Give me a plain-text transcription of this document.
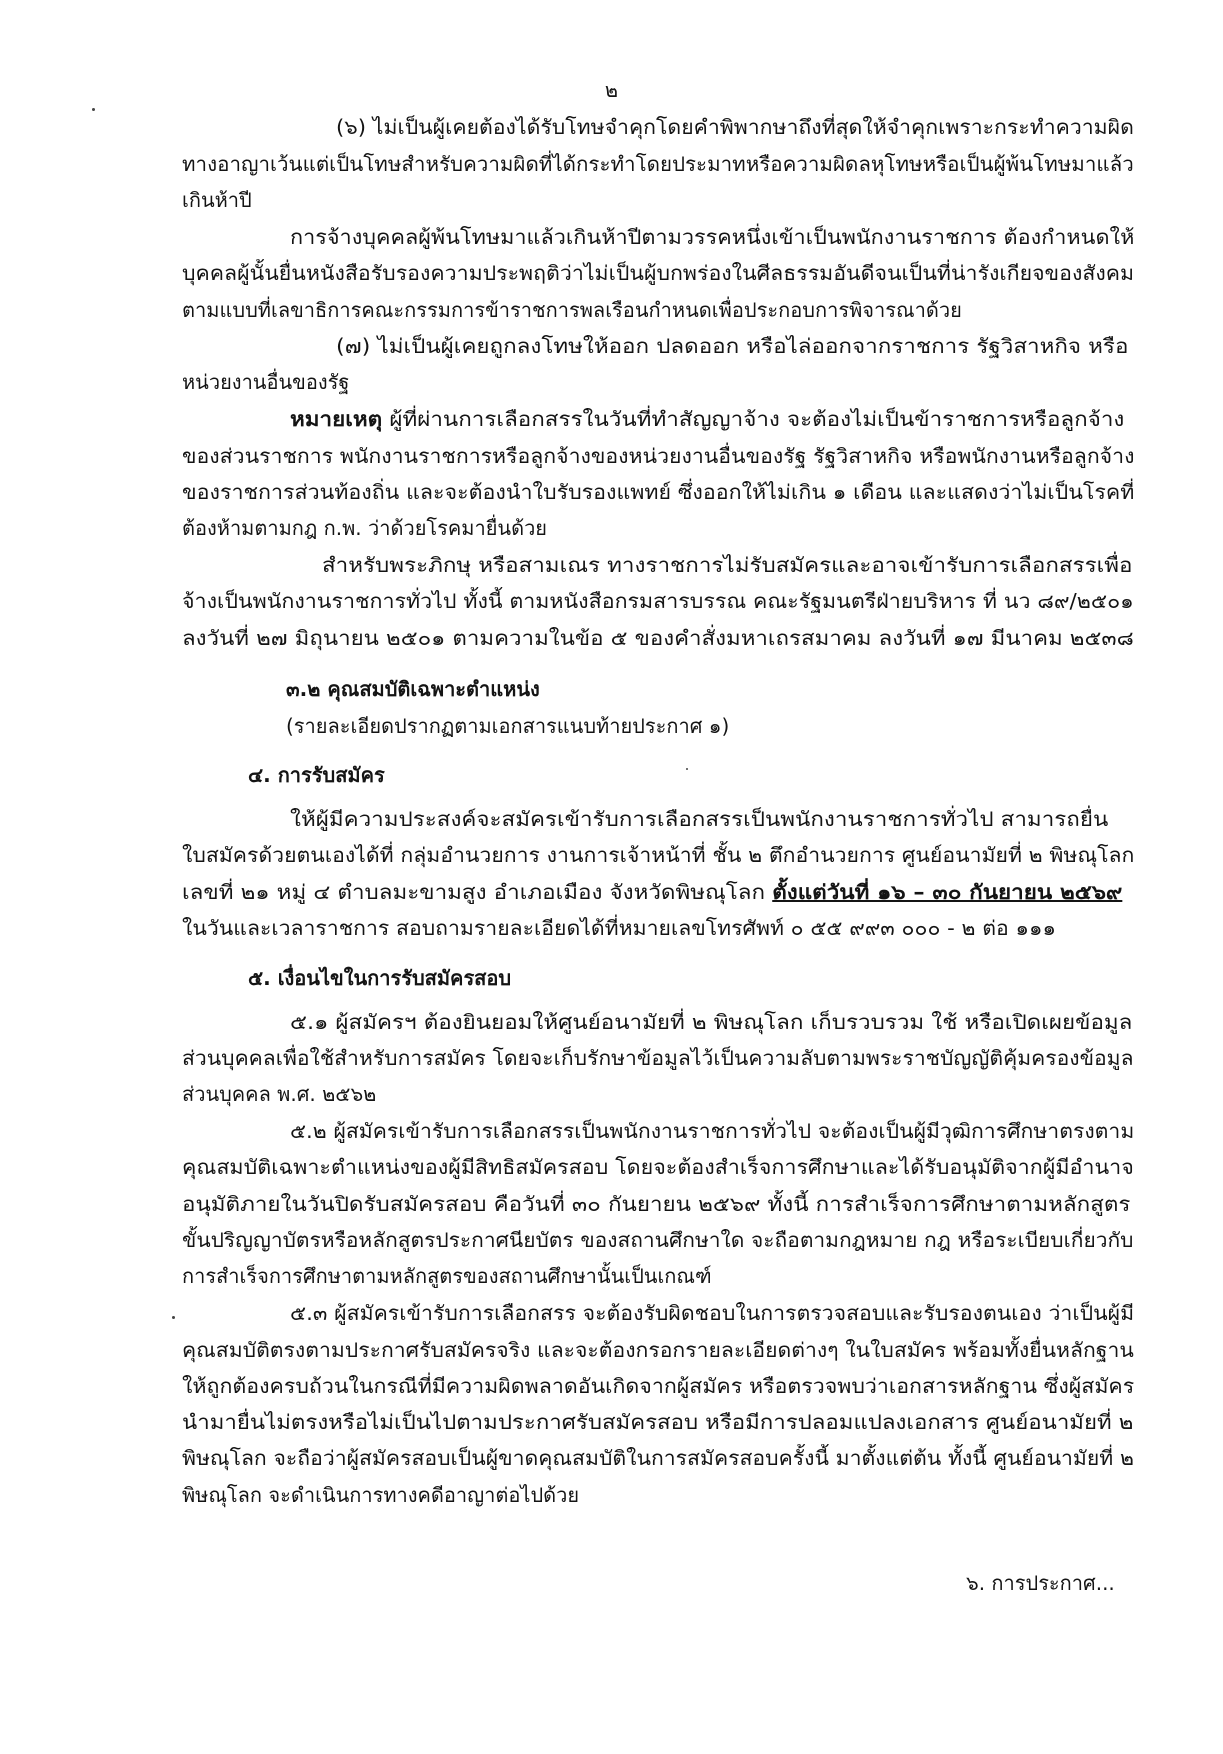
๒
(๖) ไม่เป็นผู้เคยต้องได้รับโทษจำคุกโดยคำพิพากษาถึงที่สุดให้จำคุกเพราะกระทำความผิด
ทางอาญาเว้นแต่เป็นโทษสำหรับความผิดที่ได้กระทำโดยประมาทหรือความผิดลหุโทษหรือเป็นผู้พ้นโทษมาแล้ว
เกินห้าปี
การจ้างบุคคลผู้พ้นโทษมาแล้วเกินห้าปีตามวรรคหนึ่งเข้าเป็นพนักงานราชการ ต้องกำหนดให้
บุคคลผู้นั้นยื่นหนังสือรับรองความประพฤติว่าไม่เป็นผู้บกพร่องในศีลธรรมอันดีจนเป็นที่น่ารังเกียจของสังคม
ตามแบบที่เลขาธิการคณะกรรมการข้าราชการพลเรือนกำหนดเพื่อประกอบการพิจารณาด้วย
(๗) ไม่เป็นผู้เคยถูกลงโทษให้ออก ปลดออก หรือไล่ออกจากราชการ รัฐวิสาหกิจ หรือ
หน่วยงานอื่นของรัฐ
หมายเหตุ ผู้ที่ผ่านการเลือกสรรในวันที่ทำสัญญาจ้าง จะต้องไม่เป็นข้าราชการหรือลูกจ้าง
ของส่วนราชการ พนักงานราชการหรือลูกจ้างของหน่วยงานอื่นของรัฐ รัฐวิสาหกิจ หรือพนักงานหรือลูกจ้าง
ของราชการส่วนท้องถิ่น และจะต้องนำใบรับรองแพทย์ ซึ่งออกให้ไม่เกิน ๑ เดือน และแสดงว่าไม่เป็นโรคที่
ต้องห้ามตามกฎ ก.พ. ว่าด้วยโรคมายื่นด้วย
สำหรับพระภิกษุ หรือสามเณร ทางราชการไม่รับสมัครและอาจเข้ารับการเลือกสรรเพื่อ
จ้างเป็นพนักงานราชการทั่วไป ทั้งนี้ ตามหนังสือกรมสารบรรณ คณะรัฐมนตรีฝ่ายบริหาร ที่ นว ๘๙/๒๕๐๑
ลงวันที่ ๒๗ มิถุนายน ๒๕๐๑ ตามความในข้อ ๕ ของคำสั่งมหาเถรสมาคม ลงวันที่ ๑๗ มีนาคม ๒๕๓๘
๓.๒ คุณสมบัติเฉพาะตำแหน่ง
(รายละเอียดปรากฏตามเอกสารแนบท้ายประกาศ ๑)
๔. การรับสมัคร
ให้ผู้มีความประสงค์จะสมัครเข้ารับการเลือกสรรเป็นพนักงานราชการทั่วไป สามารถยื่น
ใบสมัครด้วยตนเองได้ที่ กลุ่มอำนวยการ งานการเจ้าหน้าที่ ชั้น ๒ ตึกอำนวยการ ศูนย์อนามัยที่ ๒ พิษณุโลก
เลขที่ ๒๑ หมู่ ๔ ตำบลมะขามสูง อำเภอเมือง จังหวัดพิษณุโลก ตั้งแต่วันที่ ๑๖ – ๓๐ กันยายน ๒๕๖๙
ในวันและเวลาราชการ สอบถามรายละเอียดได้ที่หมายเลขโทรศัพท์ ๐ ๕๕ ๙๙๓ ๐๐๐ - ๒ ต่อ ๑๑๑
๕. เงื่อนไขในการรับสมัครสอบ
๕.๑ ผู้สมัครฯ ต้องยินยอมให้ศูนย์อนามัยที่ ๒ พิษณุโลก เก็บรวบรวม ใช้ หรือเปิดเผยข้อมูล
ส่วนบุคคลเพื่อใช้สำหรับการสมัคร โดยจะเก็บรักษาข้อมูลไว้เป็นความลับตามพระราชบัญญัติคุ้มครองข้อมูล
ส่วนบุคคล พ.ศ. ๒๕๖๒
๕.๒ ผู้สมัครเข้ารับการเลือกสรรเป็นพนักงานราชการทั่วไป จะต้องเป็นผู้มีวุฒิการศึกษาตรงตาม
คุณสมบัติเฉพาะตำแหน่งของผู้มีสิทธิสมัครสอบ โดยจะต้องสำเร็จการศึกษาและได้รับอนุมัติจากผู้มีอำนาจ
อนุมัติภายในวันปิดรับสมัครสอบ คือวันที่ ๓๐ กันยายน ๒๕๖๙ ทั้งนี้ การสำเร็จการศึกษาตามหลักสูตร
ขั้นปริญญาบัตรหรือหลักสูตรประกาศนียบัตร ของสถานศึกษาใด จะถือตามกฎหมาย กฎ หรือระเบียบเกี่ยวกับ
การสำเร็จการศึกษาตามหลักสูตรของสถานศึกษานั้นเป็นเกณฑ์
๕.๓ ผู้สมัครเข้ารับการเลือกสรร จะต้องรับผิดชอบในการตรวจสอบและรับรองตนเอง ว่าเป็นผู้มี
คุณสมบัติตรงตามประกาศรับสมัครจริง และจะต้องกรอกรายละเอียดต่างๆ ในใบสมัคร พร้อมทั้งยื่นหลักฐาน
ให้ถูกต้องครบถ้วนในกรณีที่มีความผิดพลาดอันเกิดจากผู้สมัคร หรือตรวจพบว่าเอกสารหลักฐาน ซึ่งผู้สมัคร
นำมายื่นไม่ตรงหรือไม่เป็นไปตามประกาศรับสมัครสอบ หรือมีการปลอมแปลงเอกสาร ศูนย์อนามัยที่ ๒
พิษณุโลก จะถือว่าผู้สมัครสอบเป็นผู้ขาดคุณสมบัติในการสมัครสอบครั้งนี้ มาตั้งแต่ต้น ทั้งนี้ ศูนย์อนามัยที่ ๒
พิษณุโลก จะดำเนินการทางคดีอาญาต่อไปด้วย
๖. การประกาศ...
